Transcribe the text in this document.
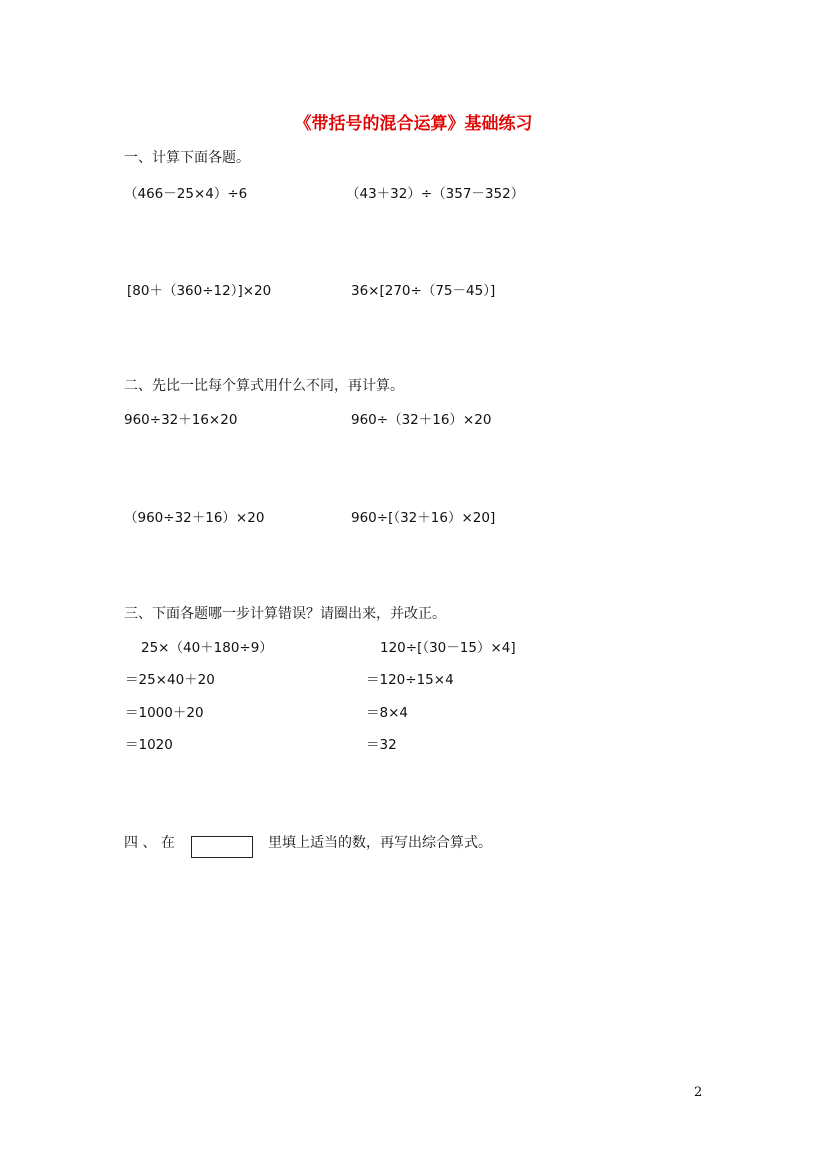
《带括号的混合运算》基础练习
一、计算下面各题。
（466－25×4）÷6	（43＋32）÷（357－352）
[80＋（360÷12）]×20	36×[270÷（75－45）]
二、先比一比每个算式用什么不同，再计算。
960÷32＋16×20	960÷（32＋16）×20
（960÷32＋16）×20	960÷[（32＋16）×20]
三、下面各题哪一步计算错误？请圈出来，并改正。
25×（40＋180÷9）
＝25×40＋20
＝1000＋20
＝1020
120÷[（30－15）×4]
＝120÷15×4
＝8×4
＝32
四 、 在	里填上适当的数，再写出综合算式。
2
